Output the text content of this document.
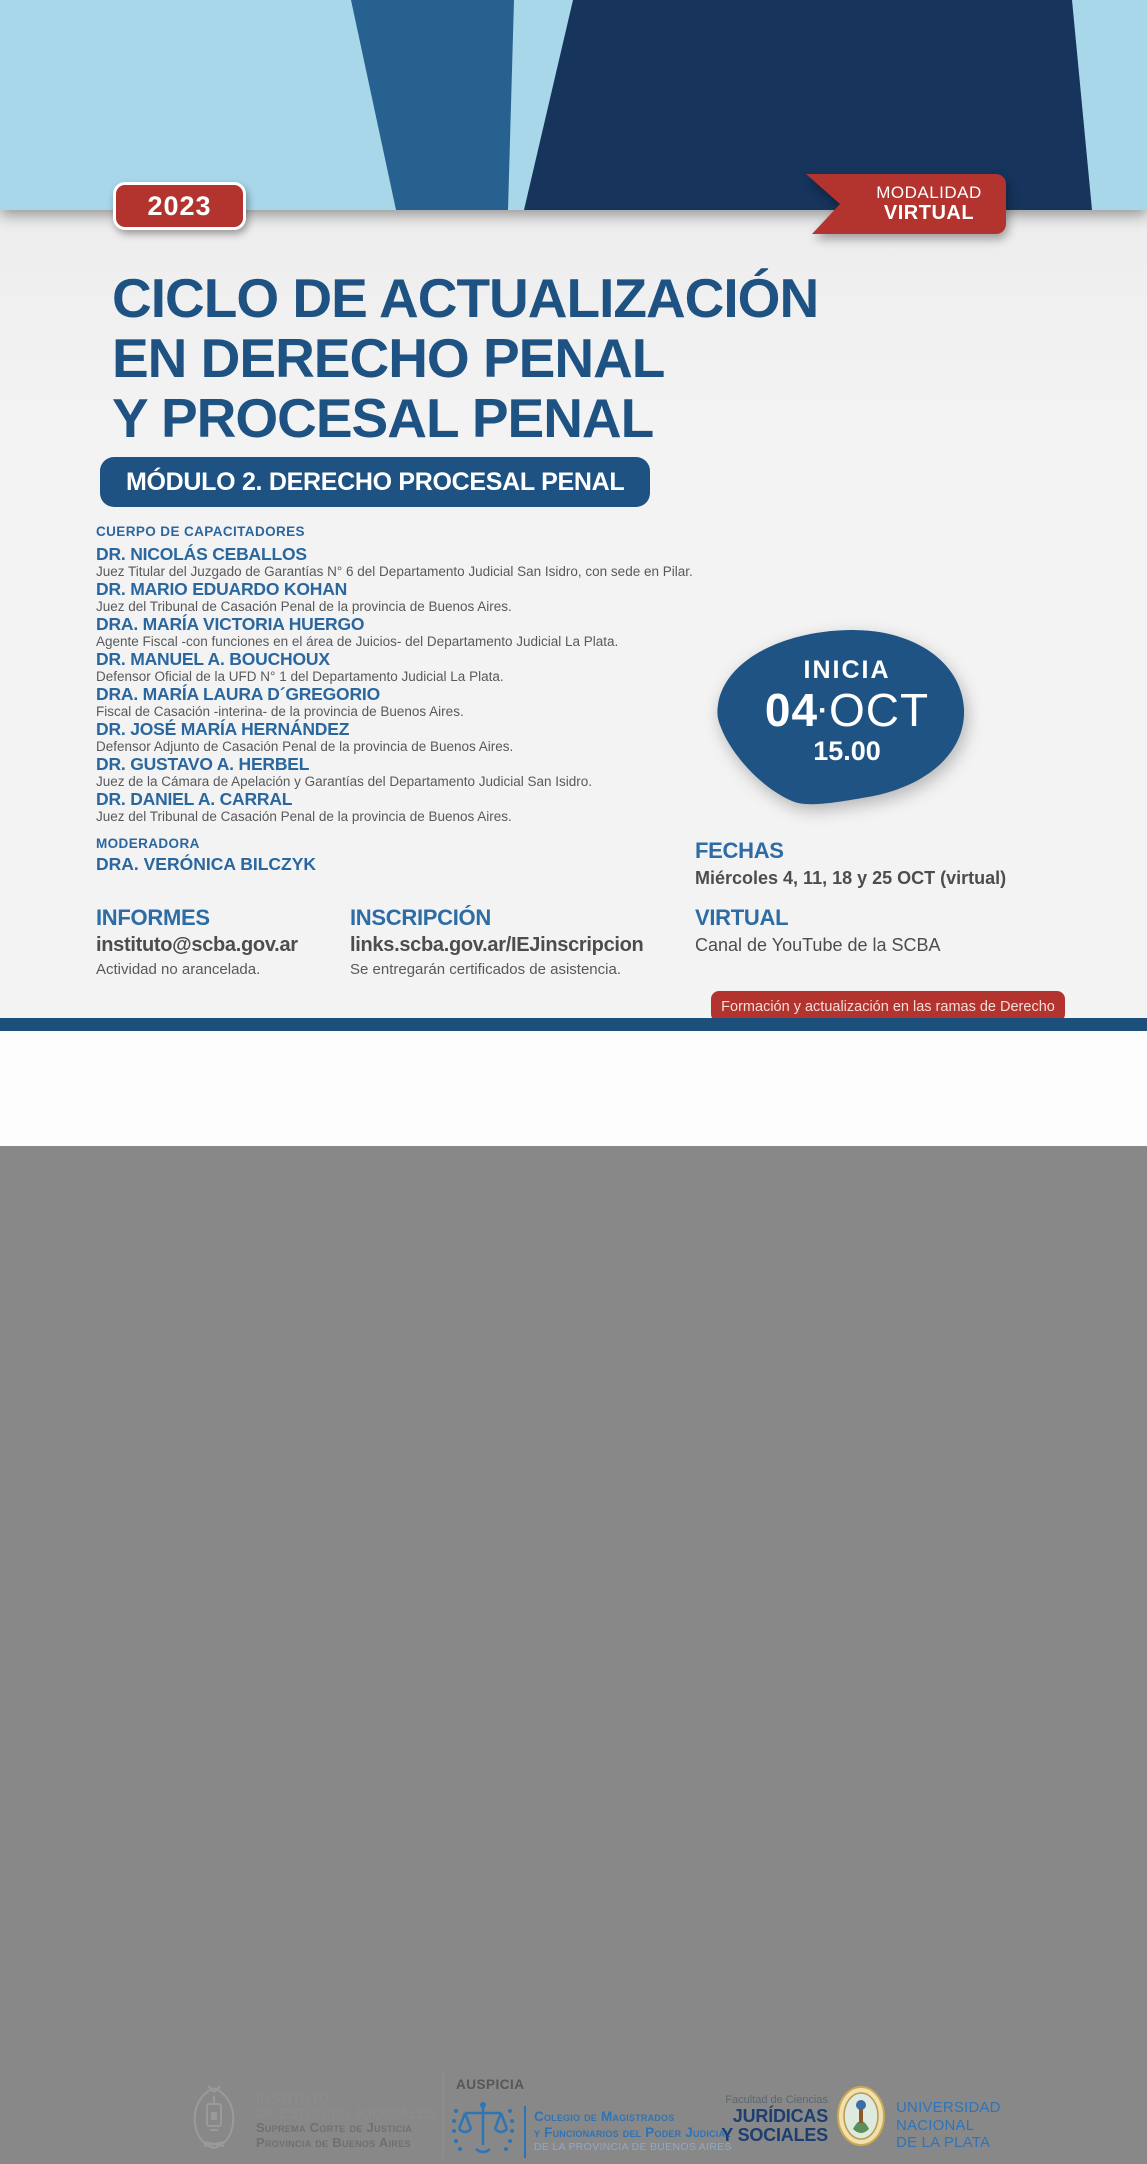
2023	MODALIDAD
VIRTUAL
CICLO DE ACTUALIZACIÓN
EN DERECHO PENAL
Y PROCESAL PENAL
MÓDULO 2. DERECHO PROCESAL PENAL
CUERPO DE CAPACITADORES
DR. NICOLÁS CEBALLOS
Juez Titular del Juzgado de Garantías N° 6 del Departamento Judicial San Isidro, con sede en Pilar.
DR. MARIO EDUARDO KOHAN
Juez del Tribunal de Casación Penal de la provincia de Buenos Aires.
DRA. MARÍA VICTORIA HUERGO
Agente Fiscal -con funciones en el área de Juicios- del Departamento Judicial La Plata.
DR. MANUEL A. BOUCHOUX
Defensor Oficial de la UFD N° 1 del Departamento Judicial La Plata.
DRA. MARÍA LAURA D´GREGORIO
Fiscal de Casación -interina- de la provincia de Buenos Aires.
DR. JOSÉ MARÍA HERNÁNDEZ
Defensor Adjunto de Casación Penal de la provincia de Buenos Aires.
DR. GUSTAVO A. HERBEL
Juez de la Cámara de Apelación y Garantías del Departamento Judicial San Isidro.
DR. DANIEL A. CARRAL
Juez del Tribunal de Casación Penal de la provincia de Buenos Aires.
MODERADORA
DRA. VERÓNICA BILCZYK
INICIA
04·OCT
15.00
FECHAS
Miércoles 4, 11, 18 y 25 OCT (virtual)
INFORMES
instituto@scba.gov.ar
Actividad no arancelada.
INSCRIPCIÓN
links.scba.gov.ar/IEJinscripcion
Se entregarán certificados de asistencia.
VIRTUAL
Canal de YouTube de la SCBA
Formación y actualización en las ramas de Derecho
INSTITUTO
DE ESTUDIOS JUDICIALES
Suprema Corte de Justicia
Provincia de Buenos Aires
AUSPICIA
Colegio de Magistrados
y Funcionarios del Poder Judicial
DE LA PROVINCIA DE BUENOS AIRES
Facultad de Ciencias
JURÍDICAS
Y SOCIALES
UNIVERSIDAD
NACIONAL
DE LA PLATA
